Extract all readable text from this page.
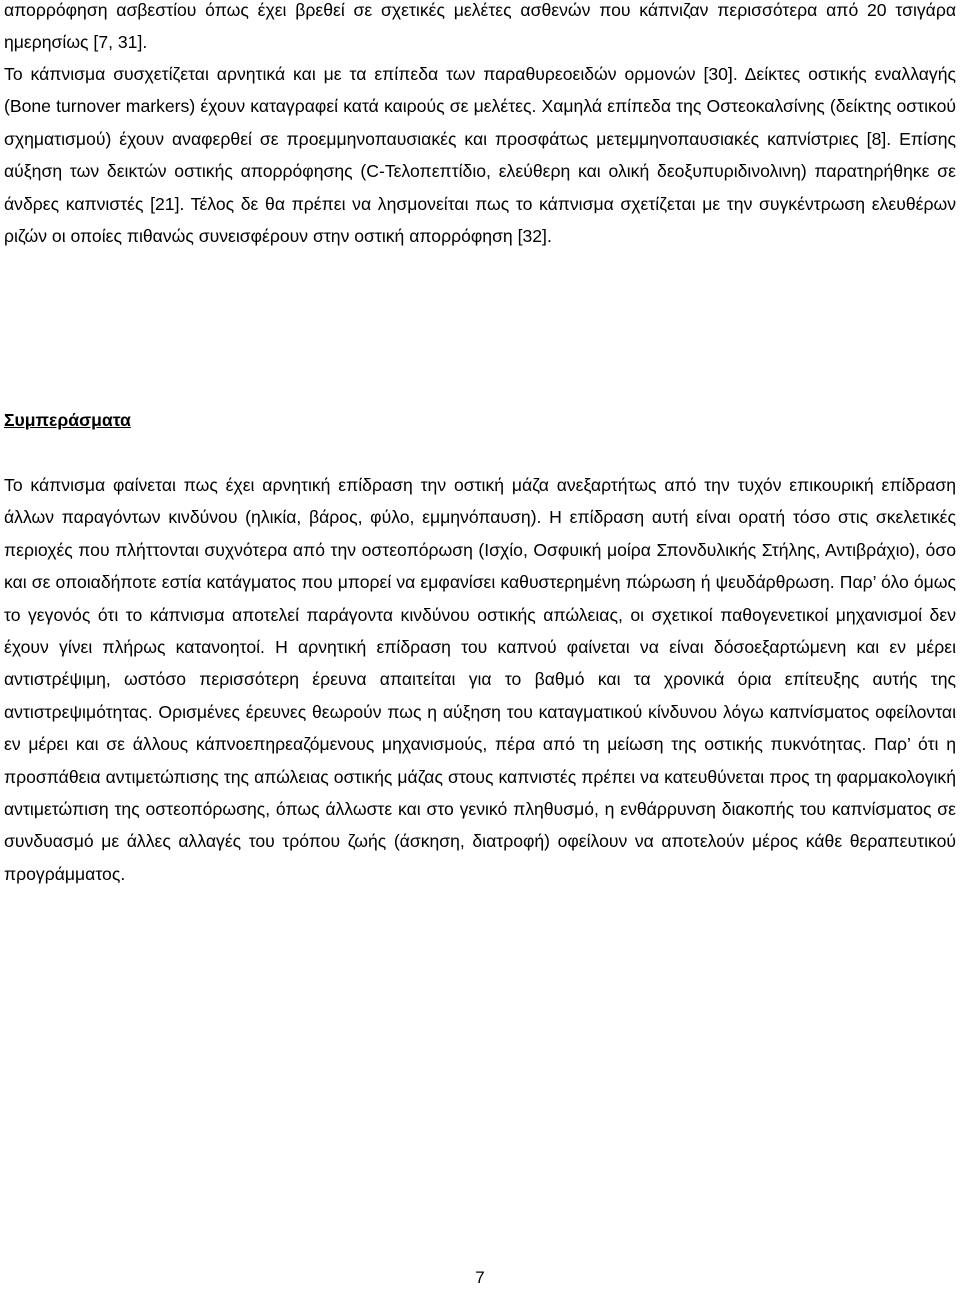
απορρόφηση ασβεστίου όπως έχει βρεθεί σε σχετικές μελέτες ασθενών που κάπνιζαν περισσότερα από 20 τσιγάρα ημερησίως [7, 31].

Το κάπνισμα συσχετίζεται αρνητικά και με τα επίπεδα των παραθυρεοειδών ορμονών [30]. Δείκτες οστικής εναλλαγής (Bone turnover markers) έχουν καταγραφεί κατά καιρούς σε μελέτες. Χαμηλά επίπεδα της Οστεοκαλσίνης (δείκτης οστικού σχηματισμού) έχουν αναφερθεί σε προεμμηνοπαυσιακές και προσφάτως μετεμμηνοπαυσιακές καπνίστριες [8]. Επίσης αύξηση των δεικτών οστικής απορρόφησης (C-Τελοπεπτίδιο, ελεύθερη και ολική δεοξυπυριδινολινη) παρατηρήθηκε σε άνδρες καπνιστές [21]. Τέλος δε θα πρέπει να λησμονείται πως το κάπνισμα σχετίζεται με την συγκέντρωση ελευθέρων ριζών οι οποίες πιθανώς συνεισφέρουν στην οστική απορρόφηση [32].

Συμπεράσματα

Το κάπνισμα φαίνεται πως έχει αρνητική επίδραση την οστική μάζα ανεξαρτήτως από την τυχόν επικουρική επίδραση άλλων παραγόντων κινδύνου (ηλικία, βάρος, φύλο, εμμηνόπαυση). Η επίδραση αυτή είναι ορατή τόσο στις σκελετικές περιοχές που πλήττονται συχνότερα από την οστεοπόρωση (Ισχίο, Οσφυική μοίρα Σπονδυλικής Στήλης, Αντιβράχιο), όσο και σε οποιαδήποτε εστία κατάγματος που μπορεί να εμφανίσει καθυστερημένη πώρωση ή ψευδάρθρωση. Παρ’ όλο όμως το γεγονός ότι το κάπνισμα αποτελεί παράγοντα κινδύνου οστικής απώλειας, οι σχετικοί παθογενετικοί μηχανισμοί δεν έχουν γίνει πλήρως κατανοητοί. Η αρνητική επίδραση του καπνού φαίνεται να είναι δόσοεξαρτώμενη και εν μέρει αντιστρέψιμη, ωστόσο περισσότερη έρευνα απαιτείται για το βαθμό και τα χρονικά όρια επίτευξης αυτής της αντιστρεψιμότητας. Ορισμένες έρευνες θεωρούν πως η αύξηση του καταγματικού κίνδυνου λόγω καπνίσματος οφείλονται εν μέρει και σε άλλους κάπνοεπηρεαζόμενους μηχανισμούς, πέρα από τη μείωση της οστικής πυκνότητας. Παρ’ ότι η προσπάθεια αντιμετώπισης της απώλειας οστικής μάζας στους καπνιστές πρέπει να κατευθύνεται προς τη φαρμακολογική αντιμετώπιση της οστεοπόρωσης, όπως άλλωστε και στο γενικό πληθυσμό, η ενθάρρυνση διακοπής του καπνίσματος σε συνδυασμό με άλλες αλλαγές του τρόπου ζωής (άσκηση, διατροφή) οφείλουν να αποτελούν μέρος κάθε θεραπευτικού προγράμματος.

7
